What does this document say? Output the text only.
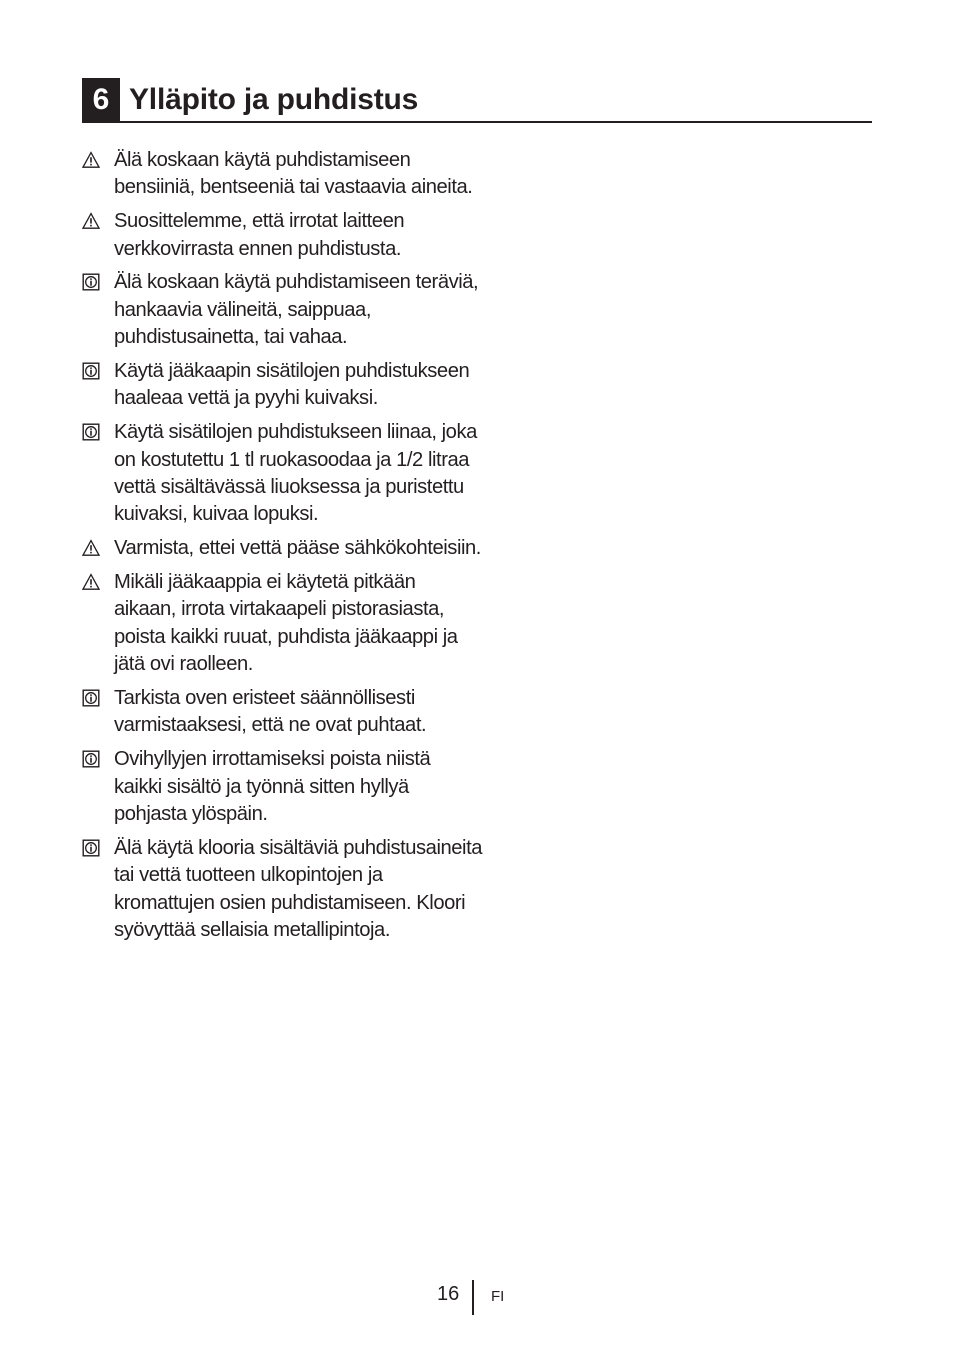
6 Ylläpito ja puhdistus
Älä koskaan käytä puhdistamiseen bensiiniä, bentseeniä tai vastaavia aineita.
Suosittelemme, että irrotat laitteen verkkovirrasta ennen puhdistusta.
Älä koskaan käytä puhdistamiseen teräviä, hankaavia välineitä, saippuaa, puhdistusainetta, tai vahaa.
Käytä jääkaapin sisätilojen puhdistukseen haaleaa vettä ja pyyhi kuivaksi.
Käytä sisätilojen puhdistukseen liinaa, joka on kostutettu 1 tl ruokasoodaa ja 1/2 litraa vettä sisältävässä liuoksessa ja puristettu kuivaksi, kuivaa lopuksi.
Varmista, ettei vettä pääse sähkökohteisiin.
Mikäli jääkaappia ei käytetä pitkään aikaan, irrota virtakaapeli pistorasiasta, poista kaikki ruuat, puhdista jääkaappi ja jätä ovi raolleen.
Tarkista oven eristeet säännöllisesti varmistaaksesi, että ne ovat puhtaat.
Ovihyllyjen irrottamiseksi poista niistä kaikki sisältö ja työnnä sitten hyllyä pohjasta ylöspäin.
Älä käytä klooria sisältäviä puhdistusaineita tai vettä tuotteen ulkopintojen ja kromattujen osien puhdistamiseen. Kloori syövyttää sellaisia metallipintoja.
16 FI
